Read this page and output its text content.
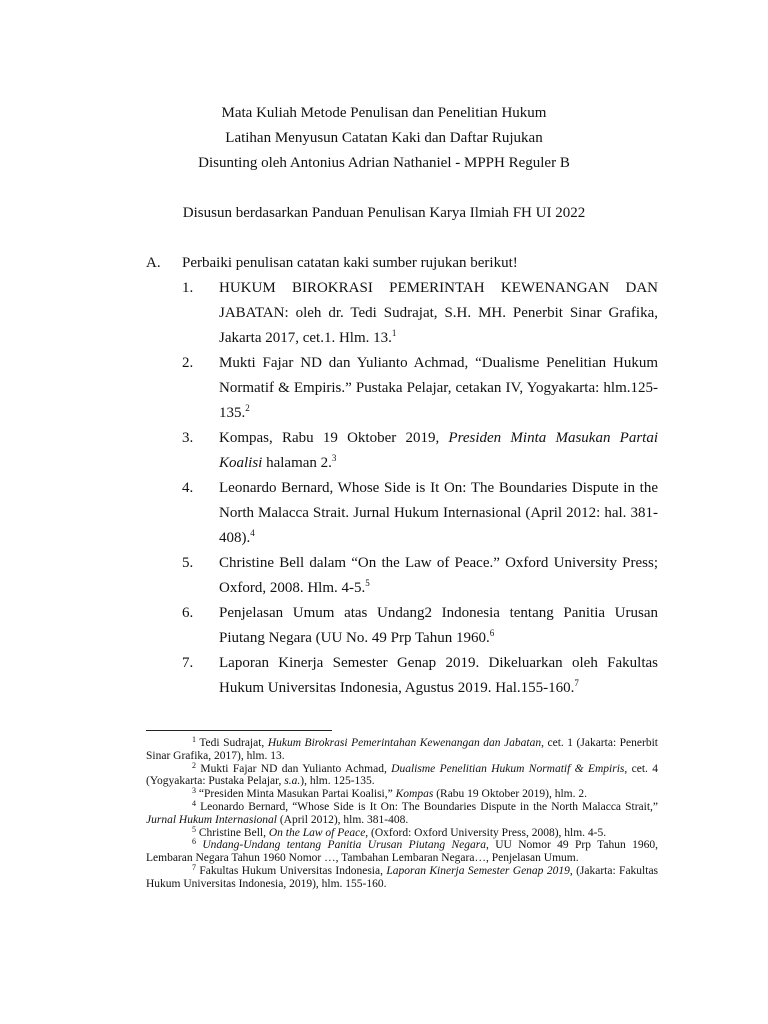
Mata Kuliah Metode Penulisan dan Penelitian Hukum
Latihan Menyusun Catatan Kaki dan Daftar Rujukan
Disunting oleh Antonius Adrian Nathaniel - MPPH Reguler B
Disusun berdasarkan Panduan Penulisan Karya Ilmiah FH UI 2022
A. Perbaiki penulisan catatan kaki sumber rujukan berikut!
1. HUKUM BIROKRASI PEMERINTAH KEWENANGAN DAN JABATAN: oleh dr. Tedi Sudrajat, S.H. MH. Penerbit Sinar Grafika, Jakarta 2017, cet.1. Hlm. 13.$^1$
2. Mukti Fajar ND dan Yulianto Achmad, “Dualisme Penelitian Hukum Normatif & Empiris.” Pustaka Pelajar, cetakan IV, Yogyakarta: hlm.125-135.$^2$
3. Kompas, Rabu 19 Oktober 2019, Presiden Minta Masukan Partai Koalisi halaman 2.$^3$
4. Leonardo Bernard, Whose Side is It On: The Boundaries Dispute in the North Malacca Strait. Jurnal Hukum Internasional (April 2012: hal. 381-408).$^4$
5. Christine Bell dalam “On the Law of Peace.” Oxford University Press; Oxford, 2008. Hlm. 4-5.$^5$
6. Penjelasan Umum atas Undang2 Indonesia tentang Panitia Urusan Piutang Negara (UU No. 49 Prp Tahun 1960.$^6$
7. Laporan Kinerja Semester Genap 2019. Dikeluarkan oleh Fakultas Hukum Universitas Indonesia, Agustus 2019. Hal.155-160.$^7$

$^1$ Tedi Sudrajat, Hukum Birokrasi Pemerintahan Kewenangan dan Jabatan, cet. 1 (Jakarta: Penerbit Sinar Grafika, 2017), hlm. 13.

$^2$ Mukti Fajar ND dan Yulianto Achmad, Dualisme Penelitian Hukum Normatif & Empiris, cet. 4 (Yogyakarta: Pustaka Pelajar, s.a.), hlm. 125-135.

$^3$ “Presiden Minta Masukan Partai Koalisi,” Kompas (Rabu 19 Oktober 2019), hlm. 2.

$^4$ Leonardo Bernard, “Whose Side is It On: The Boundaries Dispute in the North Malacca Strait,” Jurnal Hukum Internasional (April 2012), hlm. 381-408.

$^5$ Christine Bell, On the Law of Peace, (Oxford: Oxford University Press, 2008), hlm. 4-5.

$^6$ Undang-Undang tentang Panitia Urusan Piutang Negara, UU Nomor 49 Prp Tahun 1960, Lembaran Negara Tahun 1960 Nomor …, Tambahan Lembaran Negara…, Penjelasan Umum.

$^7$ Fakultas Hukum Universitas Indonesia, Laporan Kinerja Semester Genap 2019, (Jakarta: Fakultas Hukum Universitas Indonesia, 2019), hlm. 155-160.
